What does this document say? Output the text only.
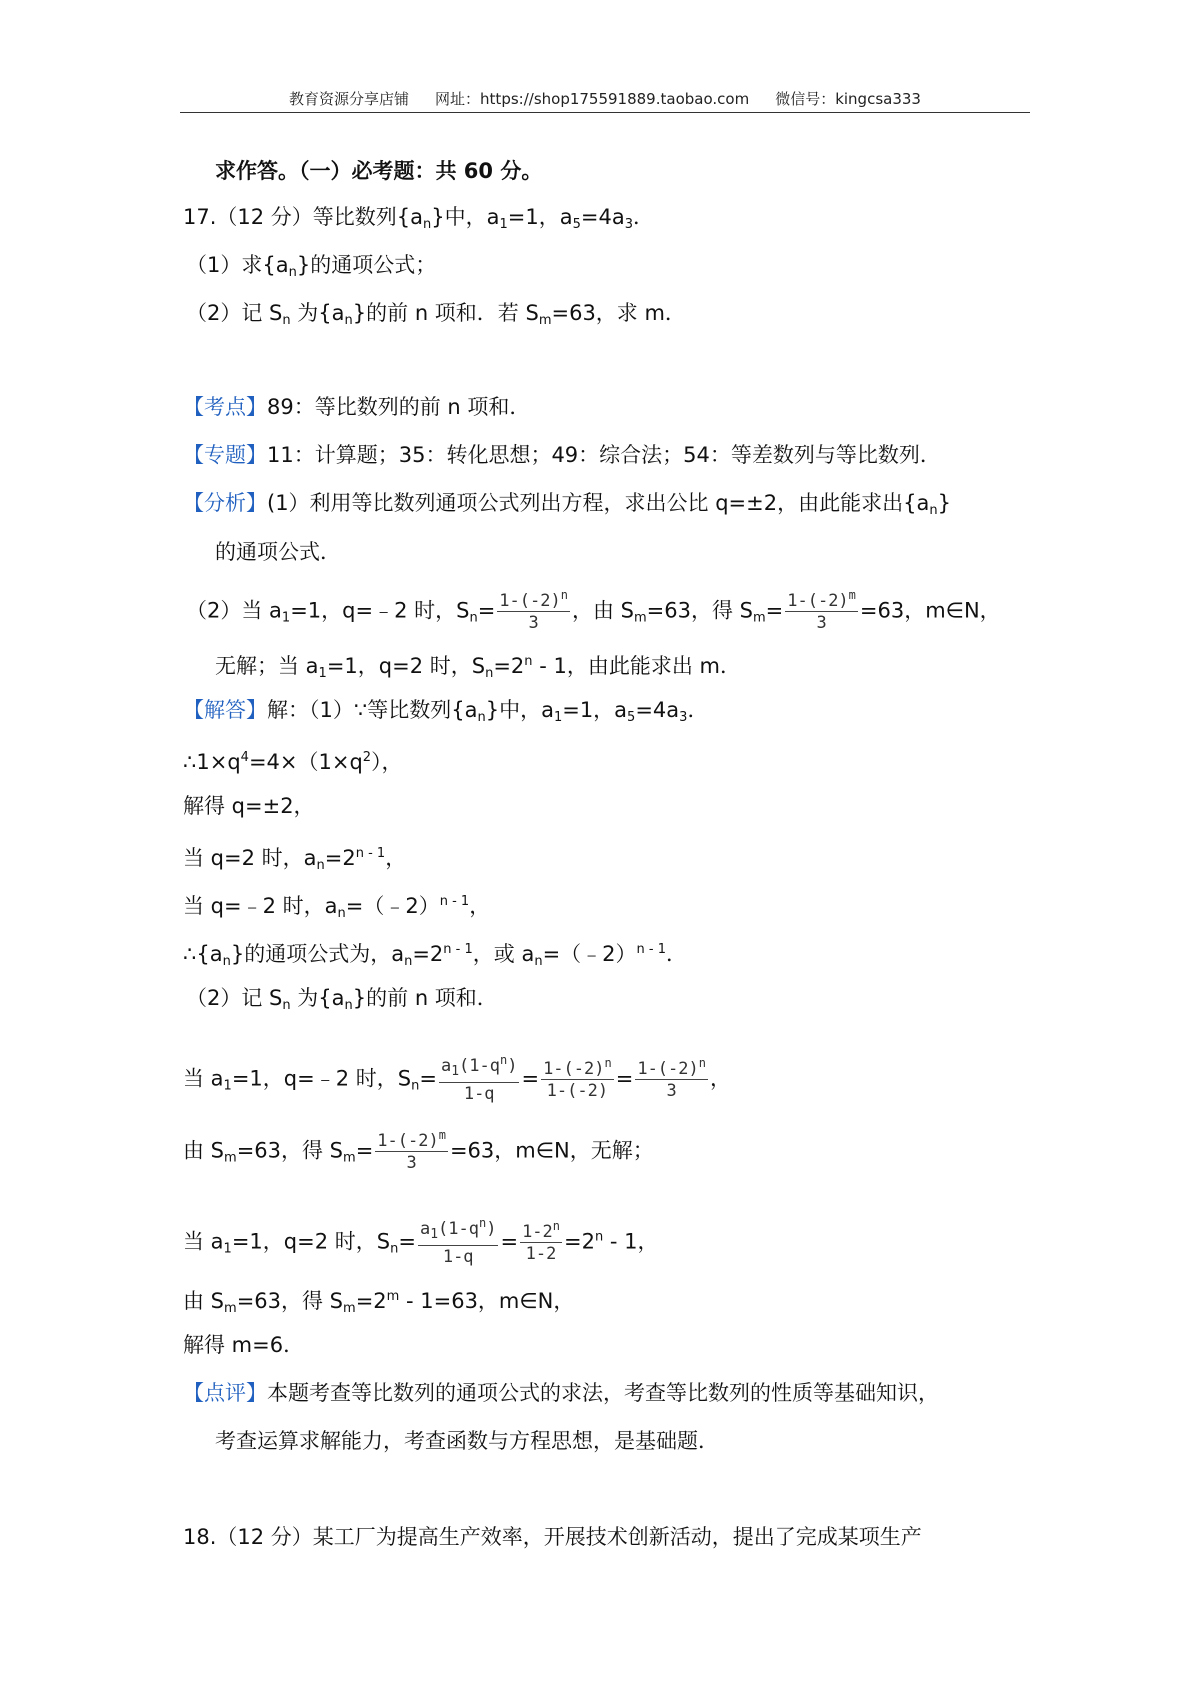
教育资源分享店铺 网址：https://shop175591889.taobao.com 微信号：kingcsa333
求作答。（一）必考题：共 60 分。
17.（12 分）等比数列$\{a_n\}$中，$a_1=1$，$a_5=4a_3$．
（1）求$\{a_n\}$的通项公式；
（2）记 $S_n$ 为$\{a_n\}$的前 n 项和．若 $S_m=63$，求 m．
【考点】89：等比数列的前 n 项和．
【专题】11：计算题；35：转化思想；49：综合法；54：等差数列与等比数列．
【分析】(1）利用等比数列通项公式列出方程，求出公比 q=±2，由此能求出$\{a_n\}$
的通项公式．
（2）当 $a_1=1$，q=﹣2 时，$S_n= \frac{1-(-2)^n}{3}$ ，由 $S_m=63$，得 $S_m= \frac{1-(-2)^m}{3} =63$，m∈N，
无解；当 $a_1=1$，q=2 时，$S_n=2^n - 1$，由此能求出 m．
【解答】解：（1）∵等比数列$\{a_n\}$中，$a_1=1$，$a_5=4a_3$．
$\therefore 1\times q^4=4\times(1\times q^2)$，
解得 q=±2，
当 q=2 时，$a_n=2^{n - 1}$，
当 q=﹣2 时，$a_n=(﹣2)^{n - 1}$，
$\therefore\{a_n\}$的通项公式为，$a_n=2^{n - 1}$，或 $a_n=(﹣2)^{n - 1}$．
（2）记 $S_n$ 为$\{a_n\}$的前 n 项和．
当 $a_1=1$，q=﹣2 时，$S_n= \frac{a_1(1-q^n)}{1-q} = \frac{1-(-2)^n}{1-(-2)} = \frac{1-(-2)^n}{3}$ ，
由 $S_m=63$，得 $S_m= \frac{1-(-2)^m}{3} =63$，m∈N，无解；
当 $a_1=1$，q=2 时，$S_n= \frac{a_1(1-q^n)}{1-q} = \frac{1-2^n}{1-2} =2^n - 1$，
由 $S_m=63$，得 $S_m=2^m - 1=63$，m∈N，
解得 m=6．
【点评】本题考查等比数列的通项公式的求法，考查等比数列的性质等基础知识，
考查运算求解能力，考查函数与方程思想，是基础题．
18.（12 分）某工厂为提高生产效率，开展技术创新活动，提出了完成某项生产
